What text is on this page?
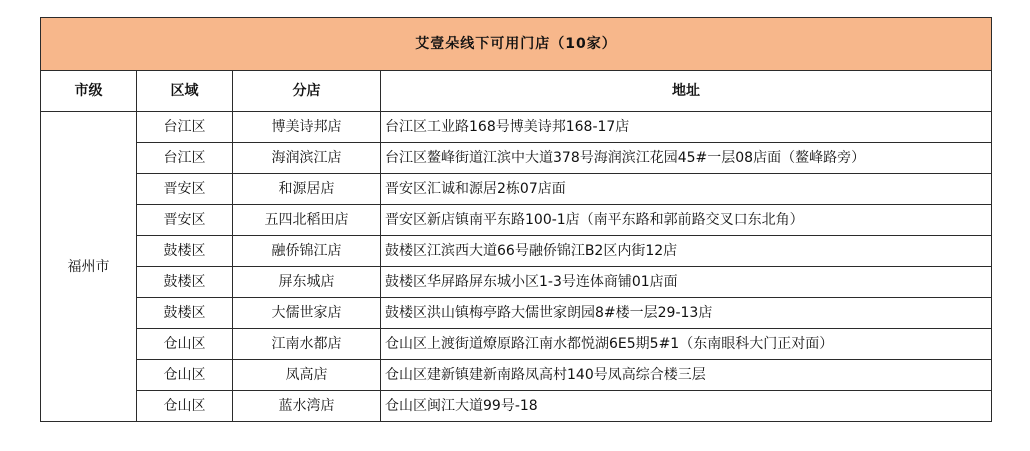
艾壹朵线下可用门店（10家）			
市级	区域	分店	地址
福州市	台江区	博美诗邦店	台江区工业路168号博美诗邦168-17店
	台江区	海润滨江店	台江区鳌峰街道江滨中大道378号海润滨江花园45#一层08店面（鳌峰路旁）
	晋安区	和源居店	晋安区汇诚和源居2栋07店面
	晋安区	五四北稻田店	晋安区新店镇南平东路100-1店（南平东路和郭前路交叉口东北角）
	鼓楼区	融侨锦江店	鼓楼区江滨西大道66号融侨锦江B2区内街12店
	鼓楼区	屏东城店	鼓楼区华屏路屏东城小区1-3号连体商铺01店面
	鼓楼区	大儒世家店	鼓楼区洪山镇梅亭路大儒世家朗园8#楼一层29-13店
	仓山区	江南水都店	仓山区上渡街道燎原路江南水都悦湖6E5期5#1（东南眼科大门正对面）
	仓山区	凤高店	仓山区建新镇建新南路凤高村140号凤高综合楼三层
	仓山区	蓝水湾店	仓山区闽江大道99号-18
